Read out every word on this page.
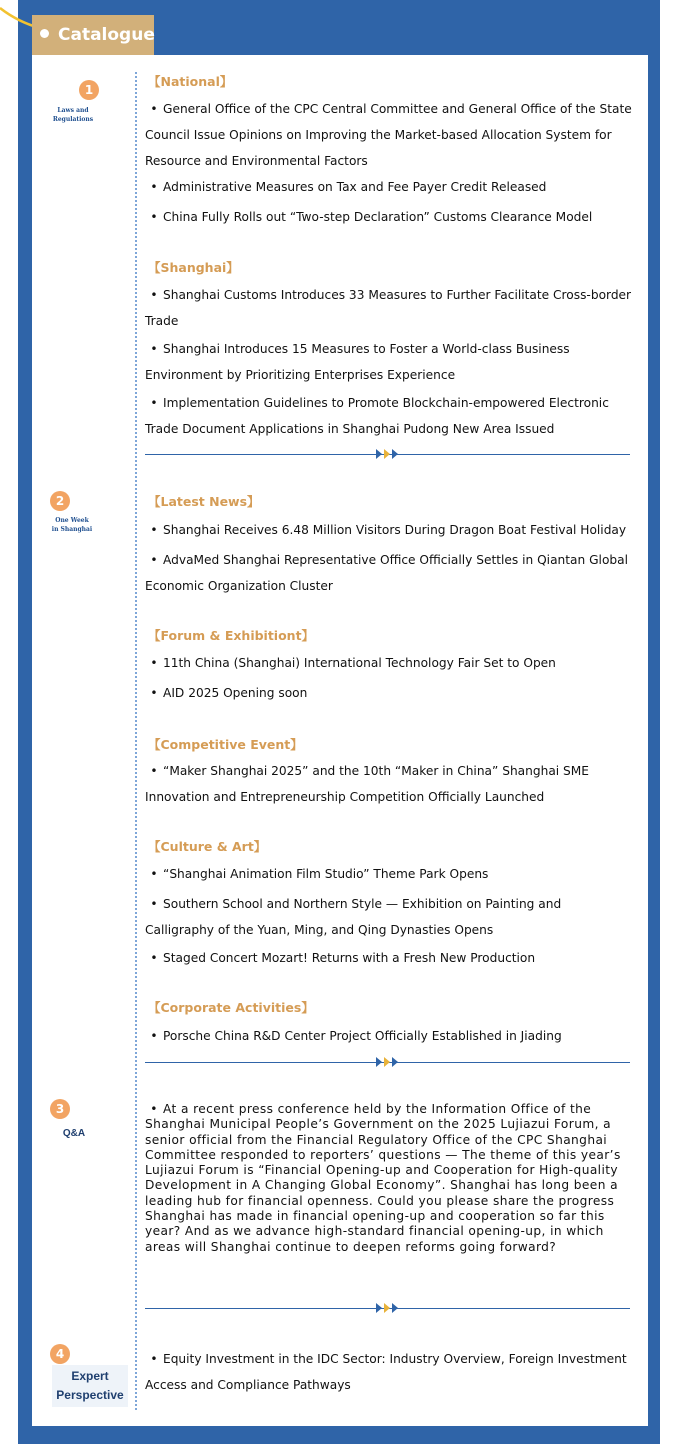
Catalogue
1
Laws and
Regulations
【National】
• General Office of the CPC Central Committee and General Office of the State Council Issue Opinions on Improving the Market-based Allocation System for Resource and Environmental Factors
• Administrative Measures on Tax and Fee Payer Credit Released
• China Fully Rolls out “Two-step Declaration” Customs Clearance Model
【Shanghai】
• Shanghai Customs Introduces 33 Measures to Further Facilitate Cross-border Trade
• Shanghai Introduces 15 Measures to Foster a World-class Business Environment by Prioritizing Enterprises Experience
• Implementation Guidelines to Promote Blockchain-empowered Electronic Trade Document Applications in Shanghai Pudong New Area Issued
2
One Week
in Shanghai
【Latest News】
• Shanghai Receives 6.48 Million Visitors During Dragon Boat Festival Holiday
• AdvaMed Shanghai Representative Office Officially Settles in Qiantan Global Economic Organization Cluster
【Forum & Exhibitiont】
• 11th China (Shanghai) International Technology Fair Set to Open
• AID 2025 Opening soon
【Competitive Event】
• “Maker Shanghai 2025” and the 10th “Maker in China” Shanghai SME Innovation and Entrepreneurship Competition Officially Launched
【Culture & Art】
• “Shanghai Animation Film Studio” Theme Park Opens
• Southern School and Northern Style — Exhibition on Painting and Calligraphy of the Yuan, Ming, and Qing Dynasties Opens
• Staged Concert Mozart! Returns with a Fresh New Production
【Corporate Activities】
• Porsche China R&D Center Project Officially Established in Jiading
3
Q&A
• At a recent press conference held by the Information Office of the Shanghai Municipal People’s Government on the 2025 Lujiazui Forum, a senior official from the Financial Regulatory Office of the CPC Shanghai Committee responded to reporters’ questions — The theme of this year’s Lujiazui Forum is “Financial Opening-up and Cooperation for High-quality Development in A Changing Global Economy”. Shanghai has long been a leading hub for financial openness. Could you please share the progress Shanghai has made in financial opening-up and cooperation so far this year? And as we advance high-standard financial opening-up, in which areas will Shanghai continue to deepen reforms going forward?
4
Expert
Perspective
• Equity Investment in the IDC Sector: Industry Overview, Foreign Investment Access and Compliance Pathways
